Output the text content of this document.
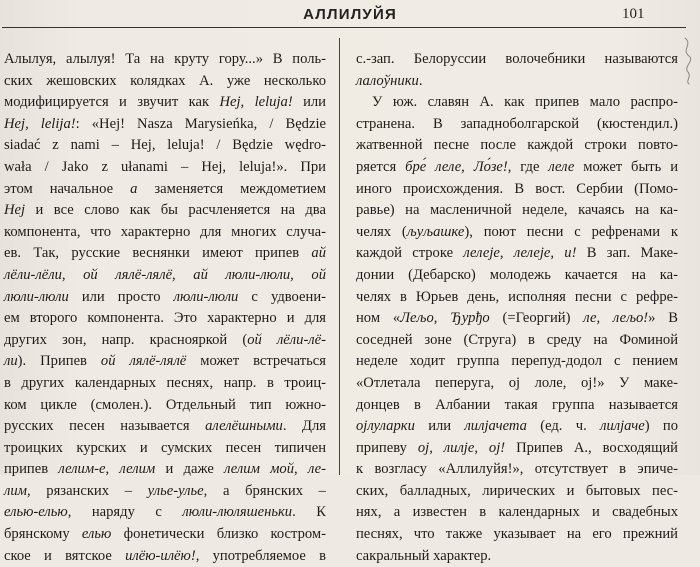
АЛЛИЛУЙЯ	101
Алылуя, алылуя! Та на круту гору...» В поль-
ских жешовских колядках А. уже несколько
модифицируется и звучит как Hej, leluja! или
Hej, lelija!: «Hej! Nasza Marysieńka, / Będzie
siadać z nami – Hej, leluja! / Będzie wędro-
wała / Jako z ułanami – Hej, leluja!». При
этом начальное а заменяется междометием
Hej и все слово как бы расчленяется на два
компонента, что характерно для многих случа-
ев. Так, русские веснянки имеют припев ай
лёли-лёли, ой лялё-лялё, ай люли-люли, ой
люли-люли или просто люли-люли с удвоени-
ем второго компонента. Это характерно и для
других зон, напр. краснояркой (ой лёли-лё-
ли). Припев ой лялё-лялё может встречаться
в других календарных песнях, напр. в троиц-
ком цикле (смолен.). Отдельный тип южно-
русских песен называется алелёшными. Для
троицких курских и сумских песен типичен
припев лелим-е, лелим и даже лелим мой, ле-
лим, рязанских – ульe-ульe, а брянских –
елью-елью, наряду с люли-люляшеньки. К
брянскому елью фонетически близко костром-
ское и вятское илёю-илёю!, употребляемое в
с.-зап. Белоруссии волочебники называются
лалоўники.
У юж. славян А. как припев мало распро-
странена. В западноболгарской (кюстендил.)
жатвенной песне после каждой строки повто-
ряется бре́ леле, Ло́зе!, где леле может быть и
иного происхождения. В вост. Сербии (Помо-
равье) на масленичной неделе, качаясь на ка-
челях (љуљашке), поют песни с рефренами к
каждой строке лелеје, лелеје, и! В зап. Маке-
донии (Дебарско) молодежь качается на ка-
челях в Юрьев день, исполняя песни с рефре-
ном «Лељо, Ђурђо (=Георгий) ле, лељо!» В
соседней зоне (Струга) в среду на Фоминой
неделе ходит группа перепуд-додол с пением
«Отлетала пеперуга, ој лоле, ој!» У макe-
донцев в Албании такая группа называется
ојлуларки или лилјачета (ед. ч. лилјаче) по
припеву ој, лилје, ој! Припев А., восходящий
к возгласу «Аллилуйя!», отсутствует в эпиче-
ских, балладных, лирических и бытовых пес-
нях, а известен в календарных и свадебных
песнях, что также указывает на его прежний
сакральный характер.
